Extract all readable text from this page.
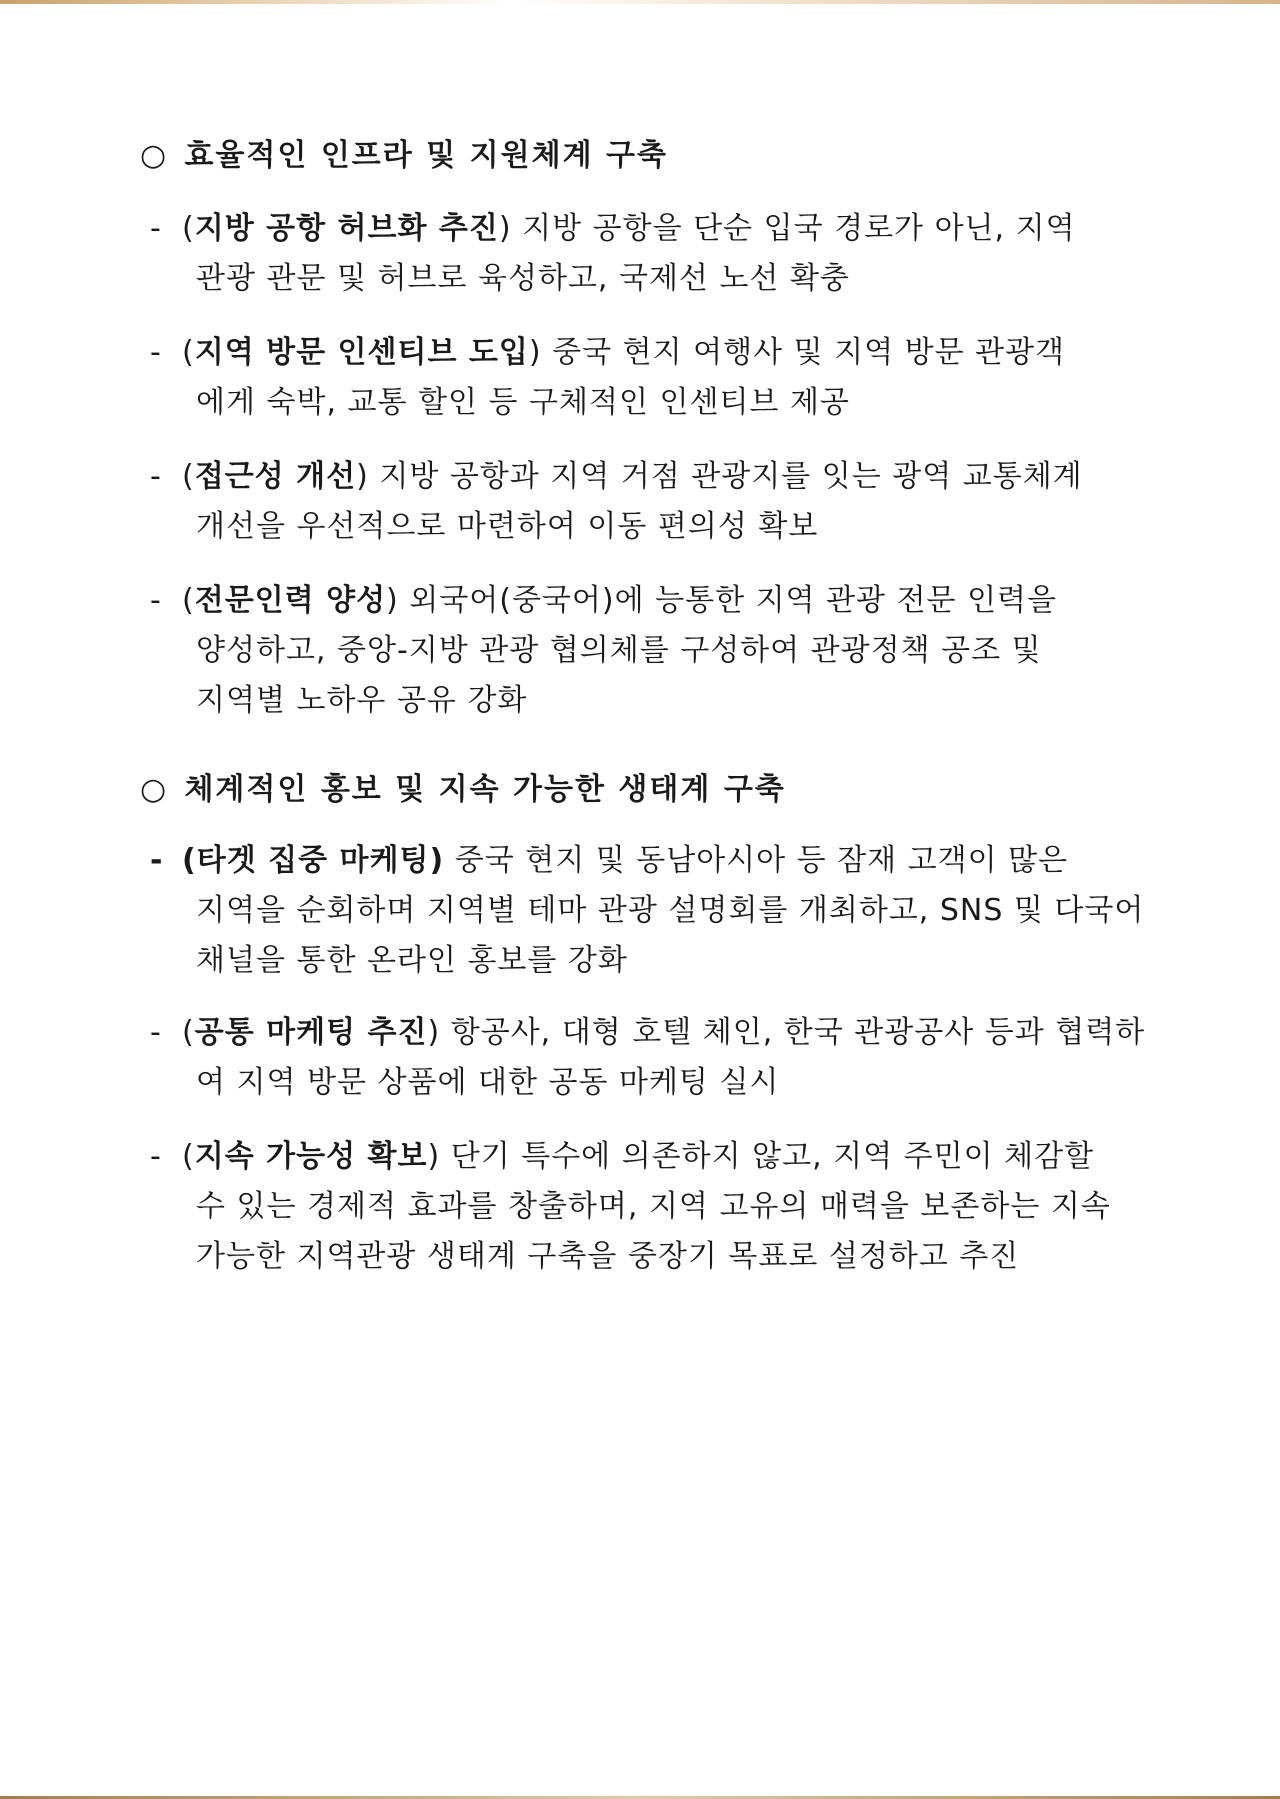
○ 효율적인 인프라 및 지원체계 구축
- (지방 공항 허브화 추진) 지방 공항을 단순 입국 경로가 아닌, 지역
관광 관문 및 허브로 육성하고, 국제선 노선 확충
- (지역 방문 인센티브 도입) 중국 현지 여행사 및 지역 방문 관광객
에게 숙박, 교통 할인 등 구체적인 인센티브 제공
- (접근성 개선) 지방 공항과 지역 거점 관광지를 잇는 광역 교통체계
개선을 우선적으로 마련하여 이동 편의성 확보
- (전문인력 양성) 외국어(중국어)에 능통한 지역 관광 전문 인력을
양성하고, 중앙-지방 관광 협의체를 구성하여 관광정책 공조 및
지역별 노하우 공유 강화
○ 체계적인 홍보 및 지속 가능한 생태계 구축
- (타겟 집중 마케팅) 중국 현지 및 동남아시아 등 잠재 고객이 많은
지역을 순회하며 지역별 테마 관광 설명회를 개최하고, SNS 및 다국어
채널을 통한 온라인 홍보를 강화
- (공통 마케팅 추진) 항공사, 대형 호텔 체인, 한국 관광공사 등과 협력하
여 지역 방문 상품에 대한 공동 마케팅 실시
- (지속 가능성 확보) 단기 특수에 의존하지 않고, 지역 주민이 체감할
수 있는 경제적 효과를 창출하며, 지역 고유의 매력을 보존하는 지속
가능한 지역관광 생태계 구축을 중장기 목표로 설정하고 추진
